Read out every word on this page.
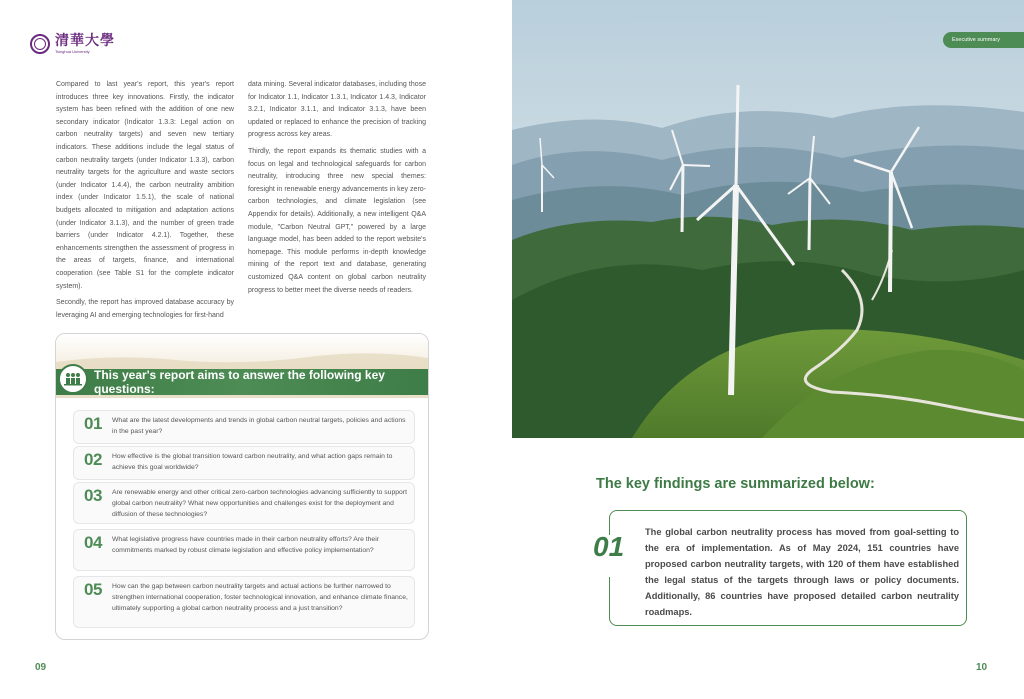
清華大學
Tsinghua University

Compared to last year's report, this year's report introduces three key innovations. Firstly, the indicator system has been refined with the addition of one new secondary indicator (Indicator 1.3.3: Legal action on carbon neutrality targets) and seven new tertiary indicators. These additions include the legal status of carbon neutrality targets (under Indicator 1.3.3), carbon neutrality targets for the agriculture and waste sectors (under Indicator 1.4.4), the carbon neutrality ambition index (under Indicator 1.5.1), the scale of national budgets allocated to mitigation and adaptation actions (under Indicator 3.1.3), and the number of green trade barriers (under Indicator 4.2.1). Together, these enhancements strengthen the assessment of progress in the areas of targets, finance, and international cooperation (see Table S1 for the complete indicator system).

Secondly, the report has improved database accuracy by leveraging AI and emerging technologies for first-hand

data mining. Several indicator databases, including those for Indicator 1.1, Indicator 1.3.1, Indicator 1.4.3, Indicator 3.2.1, Indicator 3.1.1, and Indicator 3.1.3, have been updated or replaced to enhance the precision of tracking progress across key areas.

Thirdly, the report expands its thematic studies with a focus on legal and technological safeguards for carbon neutrality, introducing three new special themes: foresight in renewable energy advancements in key zero-carbon technologies, and climate legislation (see Appendix for details). Additionally, a new intelligent Q&A module, "Carbon Neutral GPT," powered by a large language model, has been added to the report website's homepage. This module performs in-depth knowledge mining of the report text and database, generating customized Q&A content on global carbon neutrality progress to better meet the diverse needs of readers.

This year's report aims to answer the following key questions:
01 What are the latest developments and trends in global carbon neutral targets, policies and actions in the past year?
02 How effective is the global transition toward carbon neutrality, and what action gaps remain to achieve this goal worldwide?
03 Are renewable energy and other critical zero-carbon technologies advancing sufficiently to support global carbon neutrality? What new opportunities and challenges exist for the deployment and diffusion of these technologies?
04 What legislative progress have countries made in their carbon neutrality efforts? Are their commitments marked by robust climate legislation and effective policy implementation?
05 How can the gap between carbon neutrality targets and actual actions be further narrowed to strengthen international cooperation, foster technological innovation, and enhance climate finance, ultimately supporting a global carbon neutrality process and a just transition?
09
Executive summary
The key findings are summarized below:
01 The global carbon neutrality process has moved from goal-setting to the era of implementation. As of May 2024, 151 countries have proposed carbon neutrality targets, with 120 of them have established the legal status of the targets through laws or policy documents. Additionally, 86 countries have proposed detailed carbon neutrality roadmaps.
10
